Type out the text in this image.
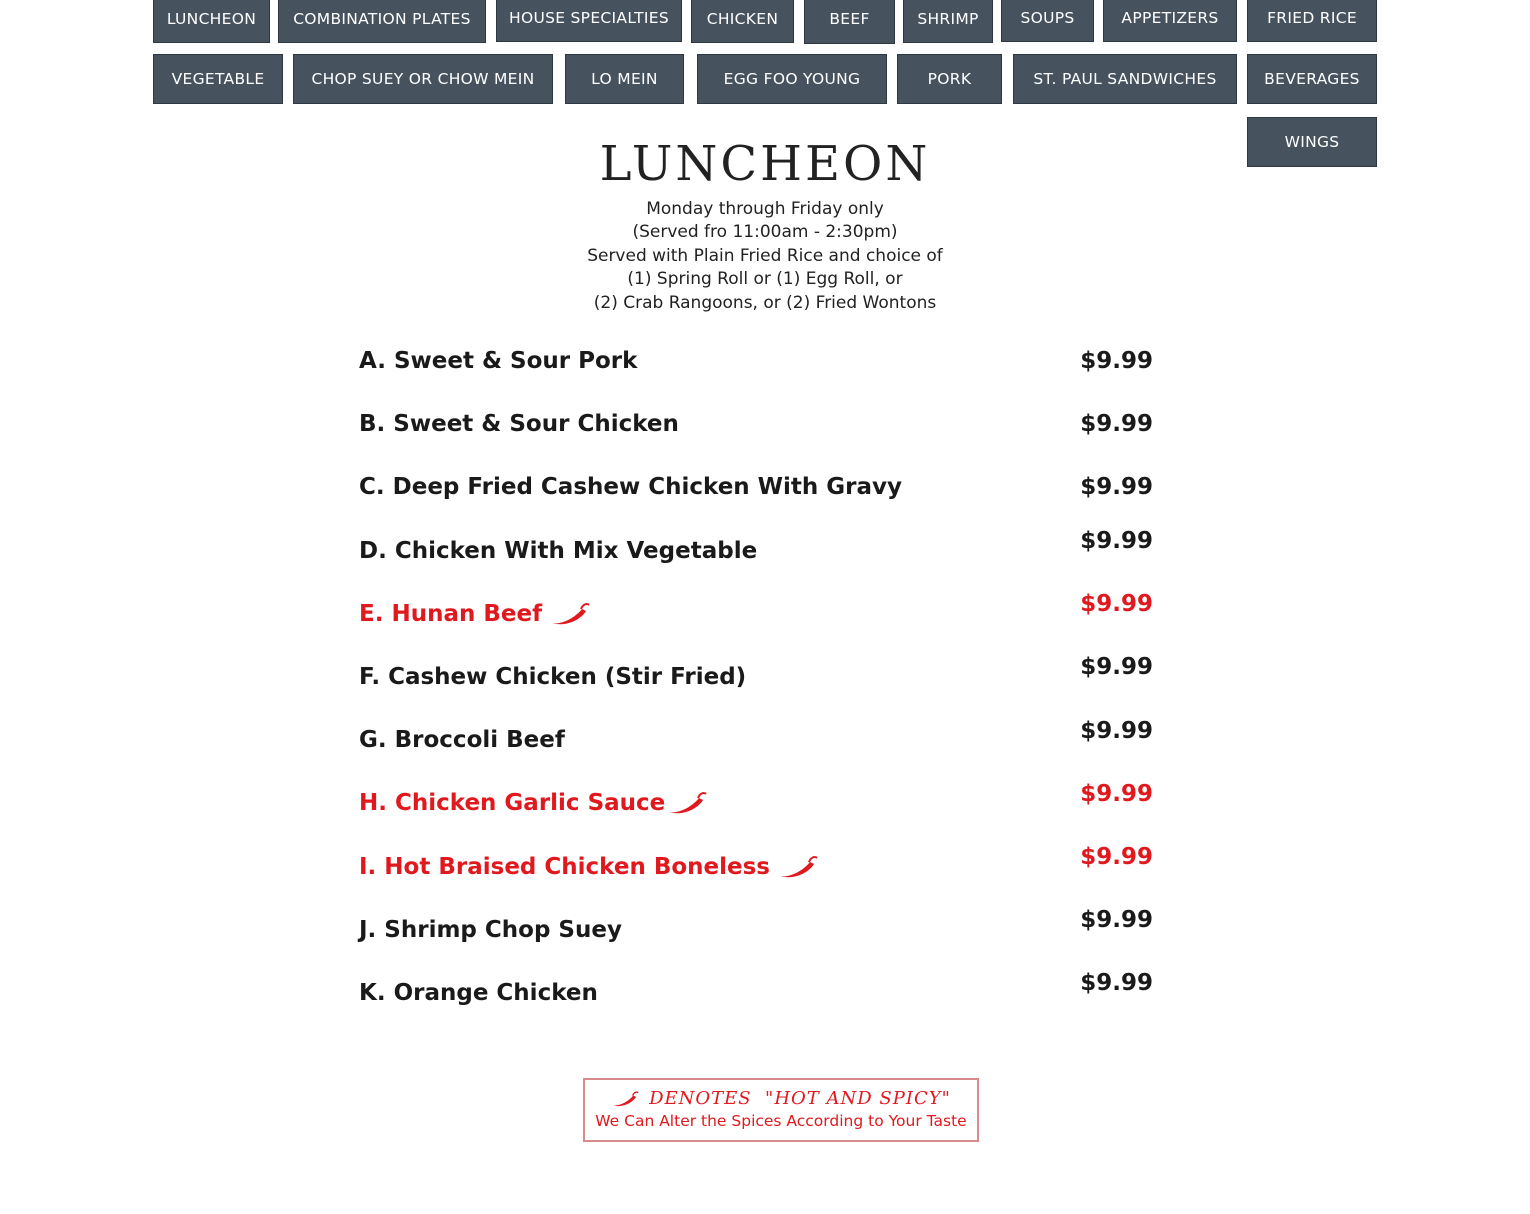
LUNCHEON	COMBINATION PLATES	HOUSE SPECIALTIES	CHICKEN	BEEF	SHRIMP	SOUPS	APPETIZERS	FRIED RICE
VEGETABLE	CHOP SUEY OR CHOW MEIN	LO MEIN	EGG FOO YOUNG	PORK	ST. PAUL SANDWICHES	BEVERAGES
WINGS
LUNCHEON
Monday through Friday only
(Served fro 11:00am - 2:30pm)
Served with Plain Fried Rice and choice of
(1) Spring Roll or (1) Egg Roll, or
(2) Crab Rangoons, or (2) Fried Wontons
A. Sweet & Sour Pork	$9.99
B. Sweet & Sour Chicken	$9.99
C. Deep Fried Cashew Chicken With Gravy	$9.99
D. Chicken With Mix Vegetable	$9.99
E. Hunan Beef	$9.99
F. Cashew Chicken (Stir Fried)	$9.99
G. Broccoli Beef	$9.99
H. Chicken Garlic Sauce	$9.99
I. Hot Braised Chicken Boneless	$9.99
J. Shrimp Chop Suey	$9.99
K. Orange Chicken	$9.99
DENOTES  "HOT AND SPICY"
We Can Alter the Spices According to Your Taste
